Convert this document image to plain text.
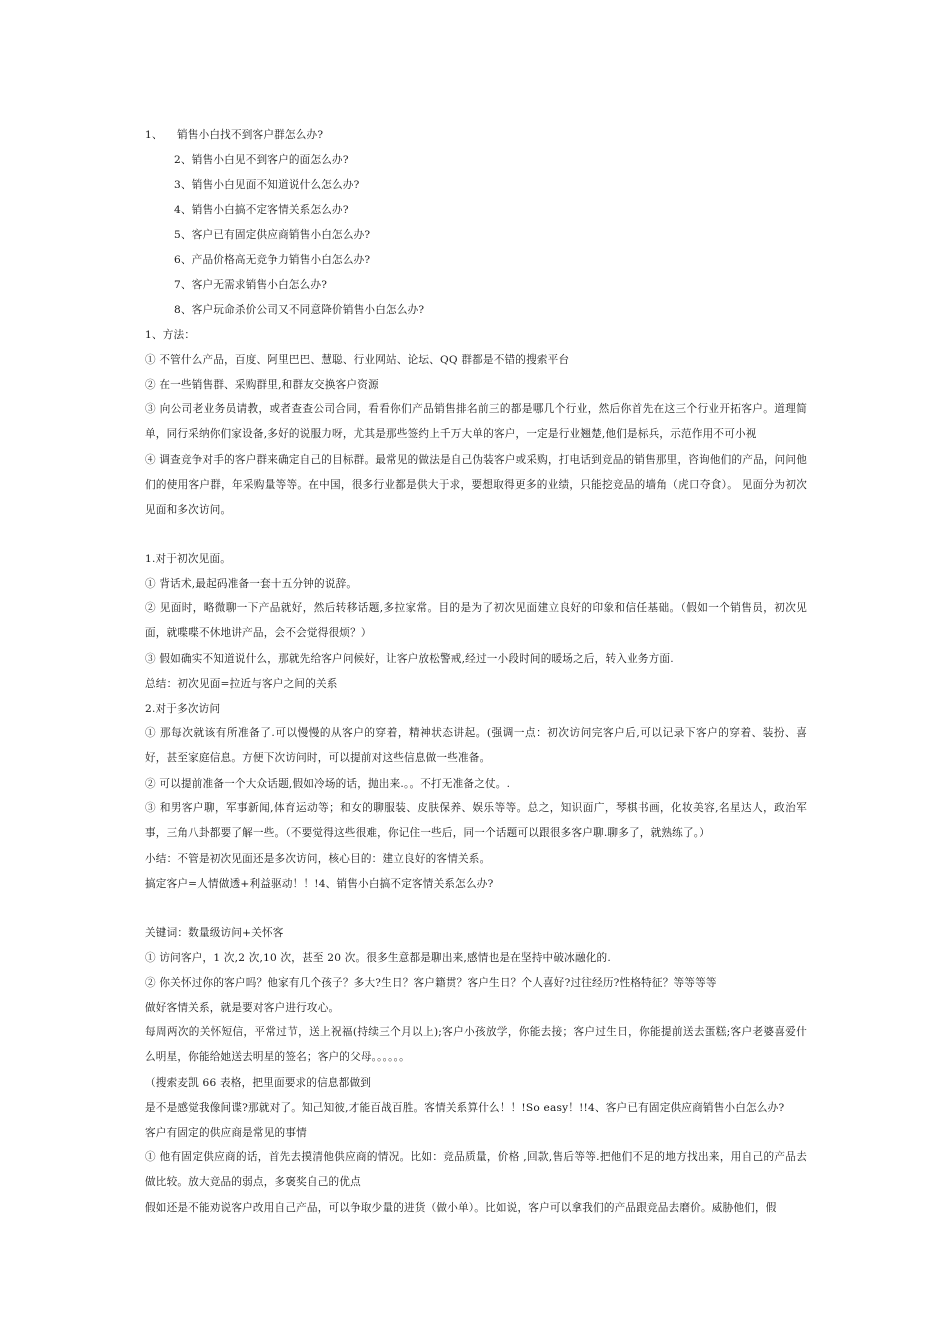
1、    销售小白找不到客户群怎么办?
2、销售小白见不到客户的面怎么办?
3、销售小白见面不知道说什么怎么办?
4、销售小白搞不定客情关系怎么办?
5、客户已有固定供应商销售小白怎么办?
6、产品价格高无竞争力销售小白怎么办?
7、客户无需求销售小白怎么办?
8、客户玩命杀价公司又不同意降价销售小白怎么办?
1、方法：
① 不管什么产品，百度、阿里巴巴、慧聪、行业网站、论坛、QQ 群都是不错的搜索平台
② 在一些销售群、采购群里,和群友交换客户资源
③ 向公司老业务员请教，或者查查公司合同，看看你们产品销售排名前三的都是哪几个行业，然后你首先在这三个行业开拓客户。道理简单，同行采纳你们家设备,多好的说服力呀，尤其是那些签约上千万大单的客户，一定是行业翘楚,他们是标兵，示范作用不可小视
④ 调查竞争对手的客户群来确定自己的目标群。最常见的做法是自己伪装客户或采购，打电话到竞品的销售那里，咨询他们的产品，问问他们的使用客户群，年采购量等等。在中国，很多行业都是供大于求，要想取得更多的业绩，只能挖竞品的墙角（虎口夺食）。 见面分为初次见面和多次访问。
1.对于初次见面。
① 背话术,最起码准备一套十五分钟的说辞。
② 见面时，略微聊一下产品就好，然后转移话题,多拉家常。目的是为了初次见面建立良好的印象和信任基础。（假如一个销售员，初次见面，就喋喋不休地讲产品，会不会觉得很烦？）
③ 假如确实不知道说什么，那就先给客户问候好，让客户放松警戒,经过一小段时间的暖场之后，转入业务方面.
总结：初次见面=拉近与客户之间的关系
2.对于多次访问
① 那每次就该有所准备了.可以慢慢的从客户的穿着，精神状态讲起。(强调一点：初次访问完客户后,可以记录下客户的穿着、装扮、喜好，甚至家庭信息。方便下次访问时，可以提前对这些信息做一些准备。
② 可以提前准备一个大众话题,假如冷场的话，抛出来.。。不打无准备之仗。.
③ 和男客户聊，军事新闻,体育运动等；和女的聊服装、皮肤保养、娱乐等等。总之，知识面广，琴棋书画，化妆美容,名星达人，政治军事，三角八卦都要了解一些。（不要觉得这些很难，你记住一些后，同一个话题可以跟很多客户聊.聊多了，就熟练了。）
小结：不管是初次见面还是多次访问，核心目的：建立良好的客情关系。
搞定客户=人情做透+利益驱动！！!4、销售小白搞不定客情关系怎么办?
关键词：数量级访问+关怀客
① 访问客户，1 次,2 次,10 次，甚至 20 次。很多生意都是聊出来,感情也是在坚持中破冰融化的.
② 你关怀过你的客户吗？他家有几个孩子？多大?生日？客户籍贯？客户生日？个人喜好?过往经历?性格特征？等等等等
做好客情关系，就是要对客户进行攻心。
每周两次的关怀短信，平常过节，送上祝福(持续三个月以上);客户小孩放学，你能去接；客户过生日，你能提前送去蛋糕;客户老婆喜爱什么明星，你能给她送去明星的签名；客户的父母。。。。。。
（搜索麦凯 66 表格，把里面要求的信息都做到
是不是感觉我像间谍?那就对了。知己知彼,才能百战百胜。客情关系算什么！！!So easy！!!4、客户已有固定供应商销售小白怎么办?
客户有固定的供应商是常见的事情
① 他有固定供应商的话，首先去摸清他供应商的情况。比如：竞品质量，价格 ,回款,售后等等.把他们不足的地方找出来，用自己的产品去做比较。放大竞品的弱点，多褒奖自己的优点
假如还是不能劝说客户改用自己产品，可以争取少量的进货（做小单）。比如说，客户可以拿我们的产品跟竞品去磨价。威胁他们，假
